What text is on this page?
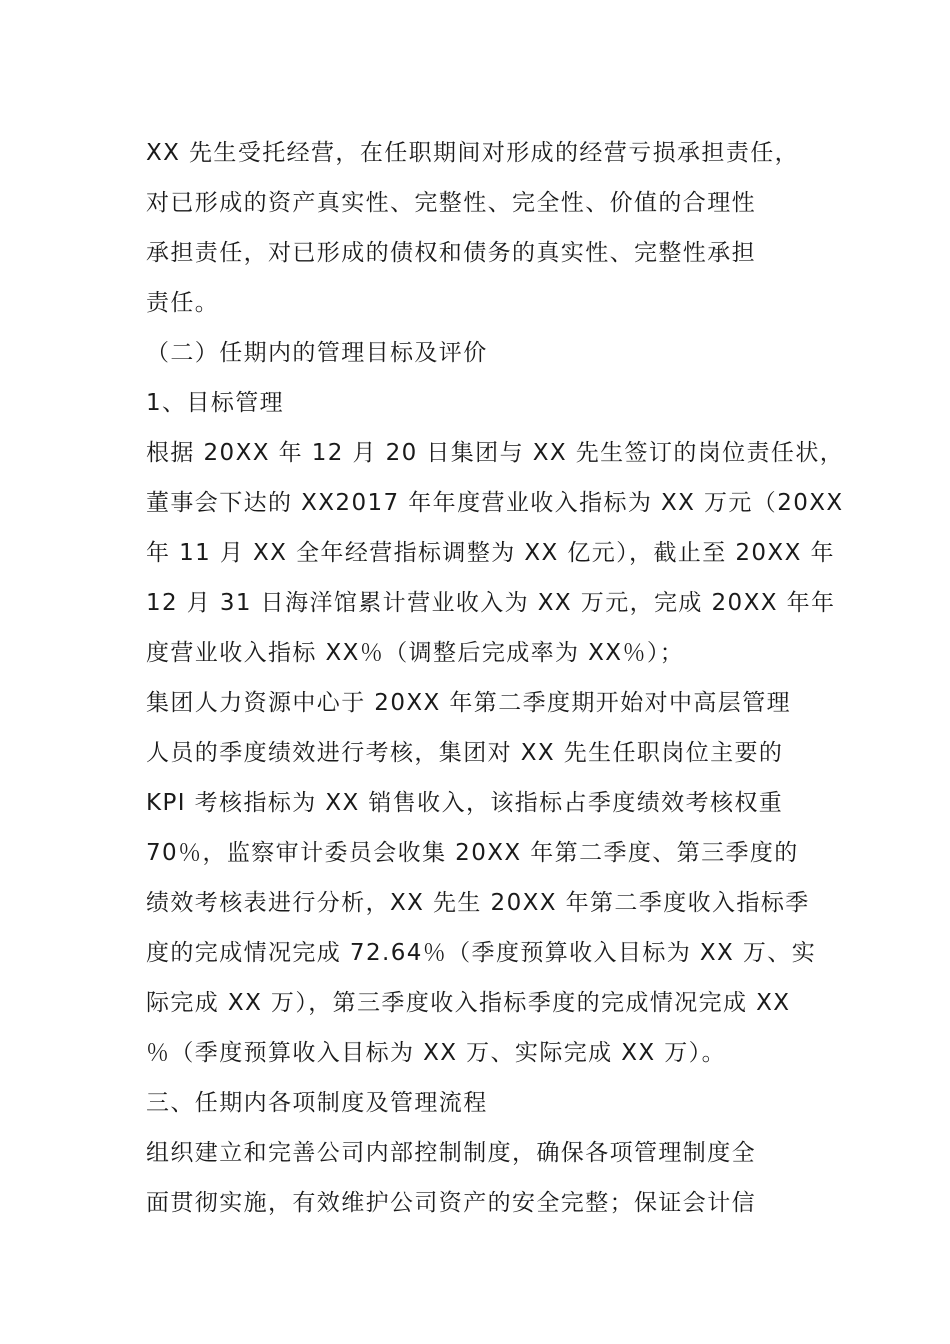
XX 先生受托经营，在任职期间对形成的经营亏损承担责任，
对已形成的资产真实性、完整性、完全性、价值的合理性
承担责任，对已形成的债权和债务的真实性、完整性承担
责任。
（二）任期内的管理目标及评价
1、目标管理
根据 20XX 年 12 月 20 日集团与 XX 先生签订的岗位责任状，
董事会下达的 XX2017 年年度营业收入指标为 XX 万元（20XX
年 11 月 XX 全年经营指标调整为 XX 亿元），截止至 20XX 年
12 月 31 日海洋馆累计营业收入为 XX 万元，完成 20XX 年年
度营业收入指标 XX％（调整后完成率为 XX％）；
集团人力资源中心于 20XX 年第二季度期开始对中高层管理
人员的季度绩效进行考核，集团对 XX 先生任职岗位主要的
KPI 考核指标为 XX 销售收入，该指标占季度绩效考核权重
70％，监察审计委员会收集 20XX 年第二季度、第三季度的
绩效考核表进行分析，XX 先生 20XX 年第二季度收入指标季
度的完成情况完成 72.64％（季度预算收入目标为 XX 万、实
际完成 XX 万），第三季度收入指标季度的完成情况完成 XX
％（季度预算收入目标为 XX 万、实际完成 XX 万）。
三、任期内各项制度及管理流程
组织建立和完善公司内部控制制度，确保各项管理制度全
面贯彻实施，有效维护公司资产的安全完整；保证会计信
